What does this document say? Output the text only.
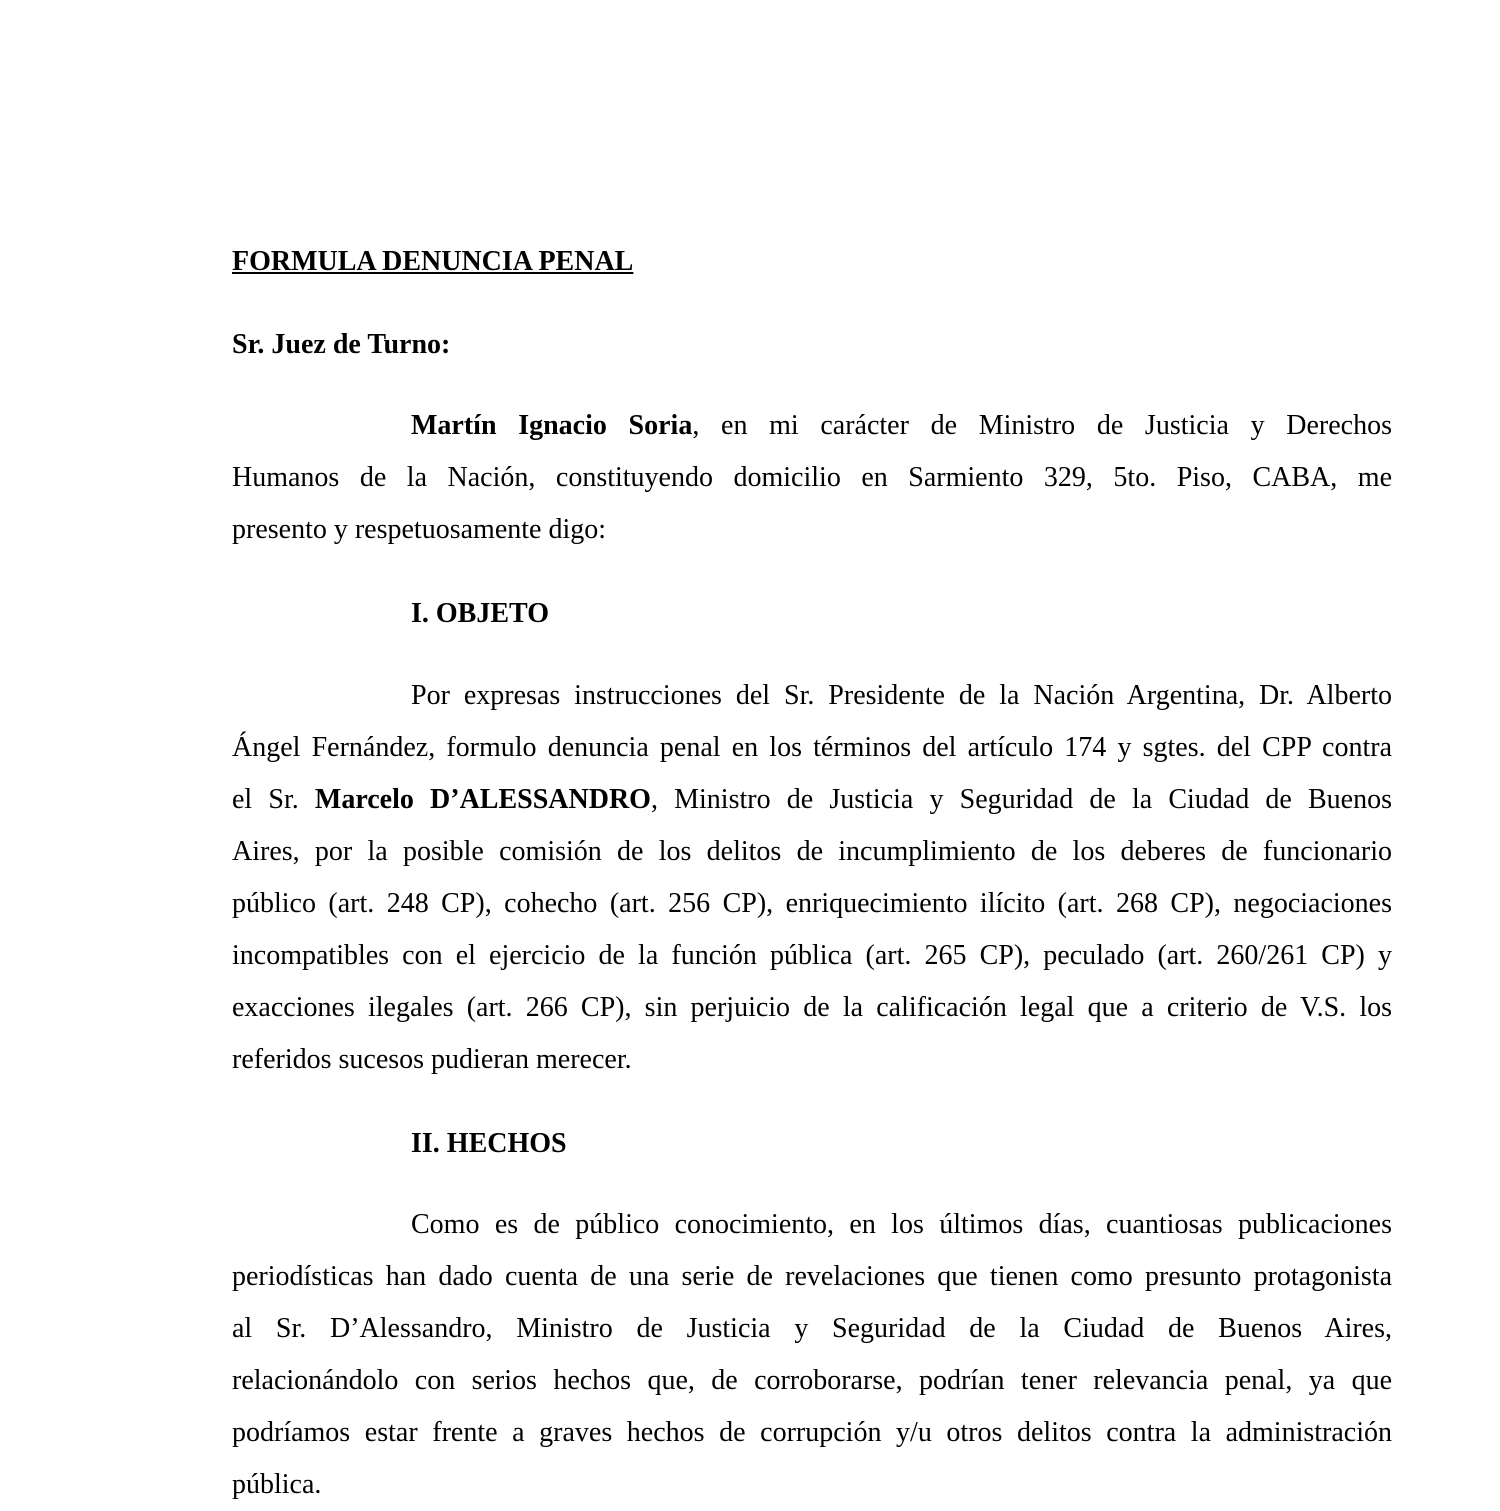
FORMULA DENUNCIA PENAL
Sr. Juez de Turno:
Martín Ignacio Soria, en mi carácter de Ministro de Justicia y Derechos
Humanos de la Nación, constituyendo domicilio en Sarmiento 329, 5to. Piso, CABA, me
presento y respetuosamente digo:
I. OBJETO
Por expresas instrucciones del Sr. Presidente de la Nación Argentina, Dr. Alberto
Ángel Fernández, formulo denuncia penal en los términos del artículo 174 y sgtes. del CPP contra
el Sr. Marcelo D’ALESSANDRO, Ministro de Justicia y Seguridad de la Ciudad de Buenos
Aires, por la posible comisión de los delitos de incumplimiento de los deberes de funcionario
público (art. 248 CP), cohecho (art. 256 CP), enriquecimiento ilícito (art. 268 CP), negociaciones
incompatibles con el ejercicio de la función pública (art. 265 CP), peculado (art. 260/261 CP) y
exacciones ilegales (art. 266 CP), sin perjuicio de la calificación legal que a criterio de V.S. los
referidos sucesos pudieran merecer.
II. HECHOS
Como es de público conocimiento, en los últimos días, cuantiosas publicaciones
periodísticas han dado cuenta de una serie de revelaciones que tienen como presunto protagonista
al Sr. D’Alessandro, Ministro de Justicia y Seguridad de la Ciudad de Buenos Aires,
relacionándolo con serios hechos que, de corroborarse, podrían tener relevancia penal, ya que
podríamos estar frente a graves hechos de corrupción y/u otros delitos contra la administración
pública.
